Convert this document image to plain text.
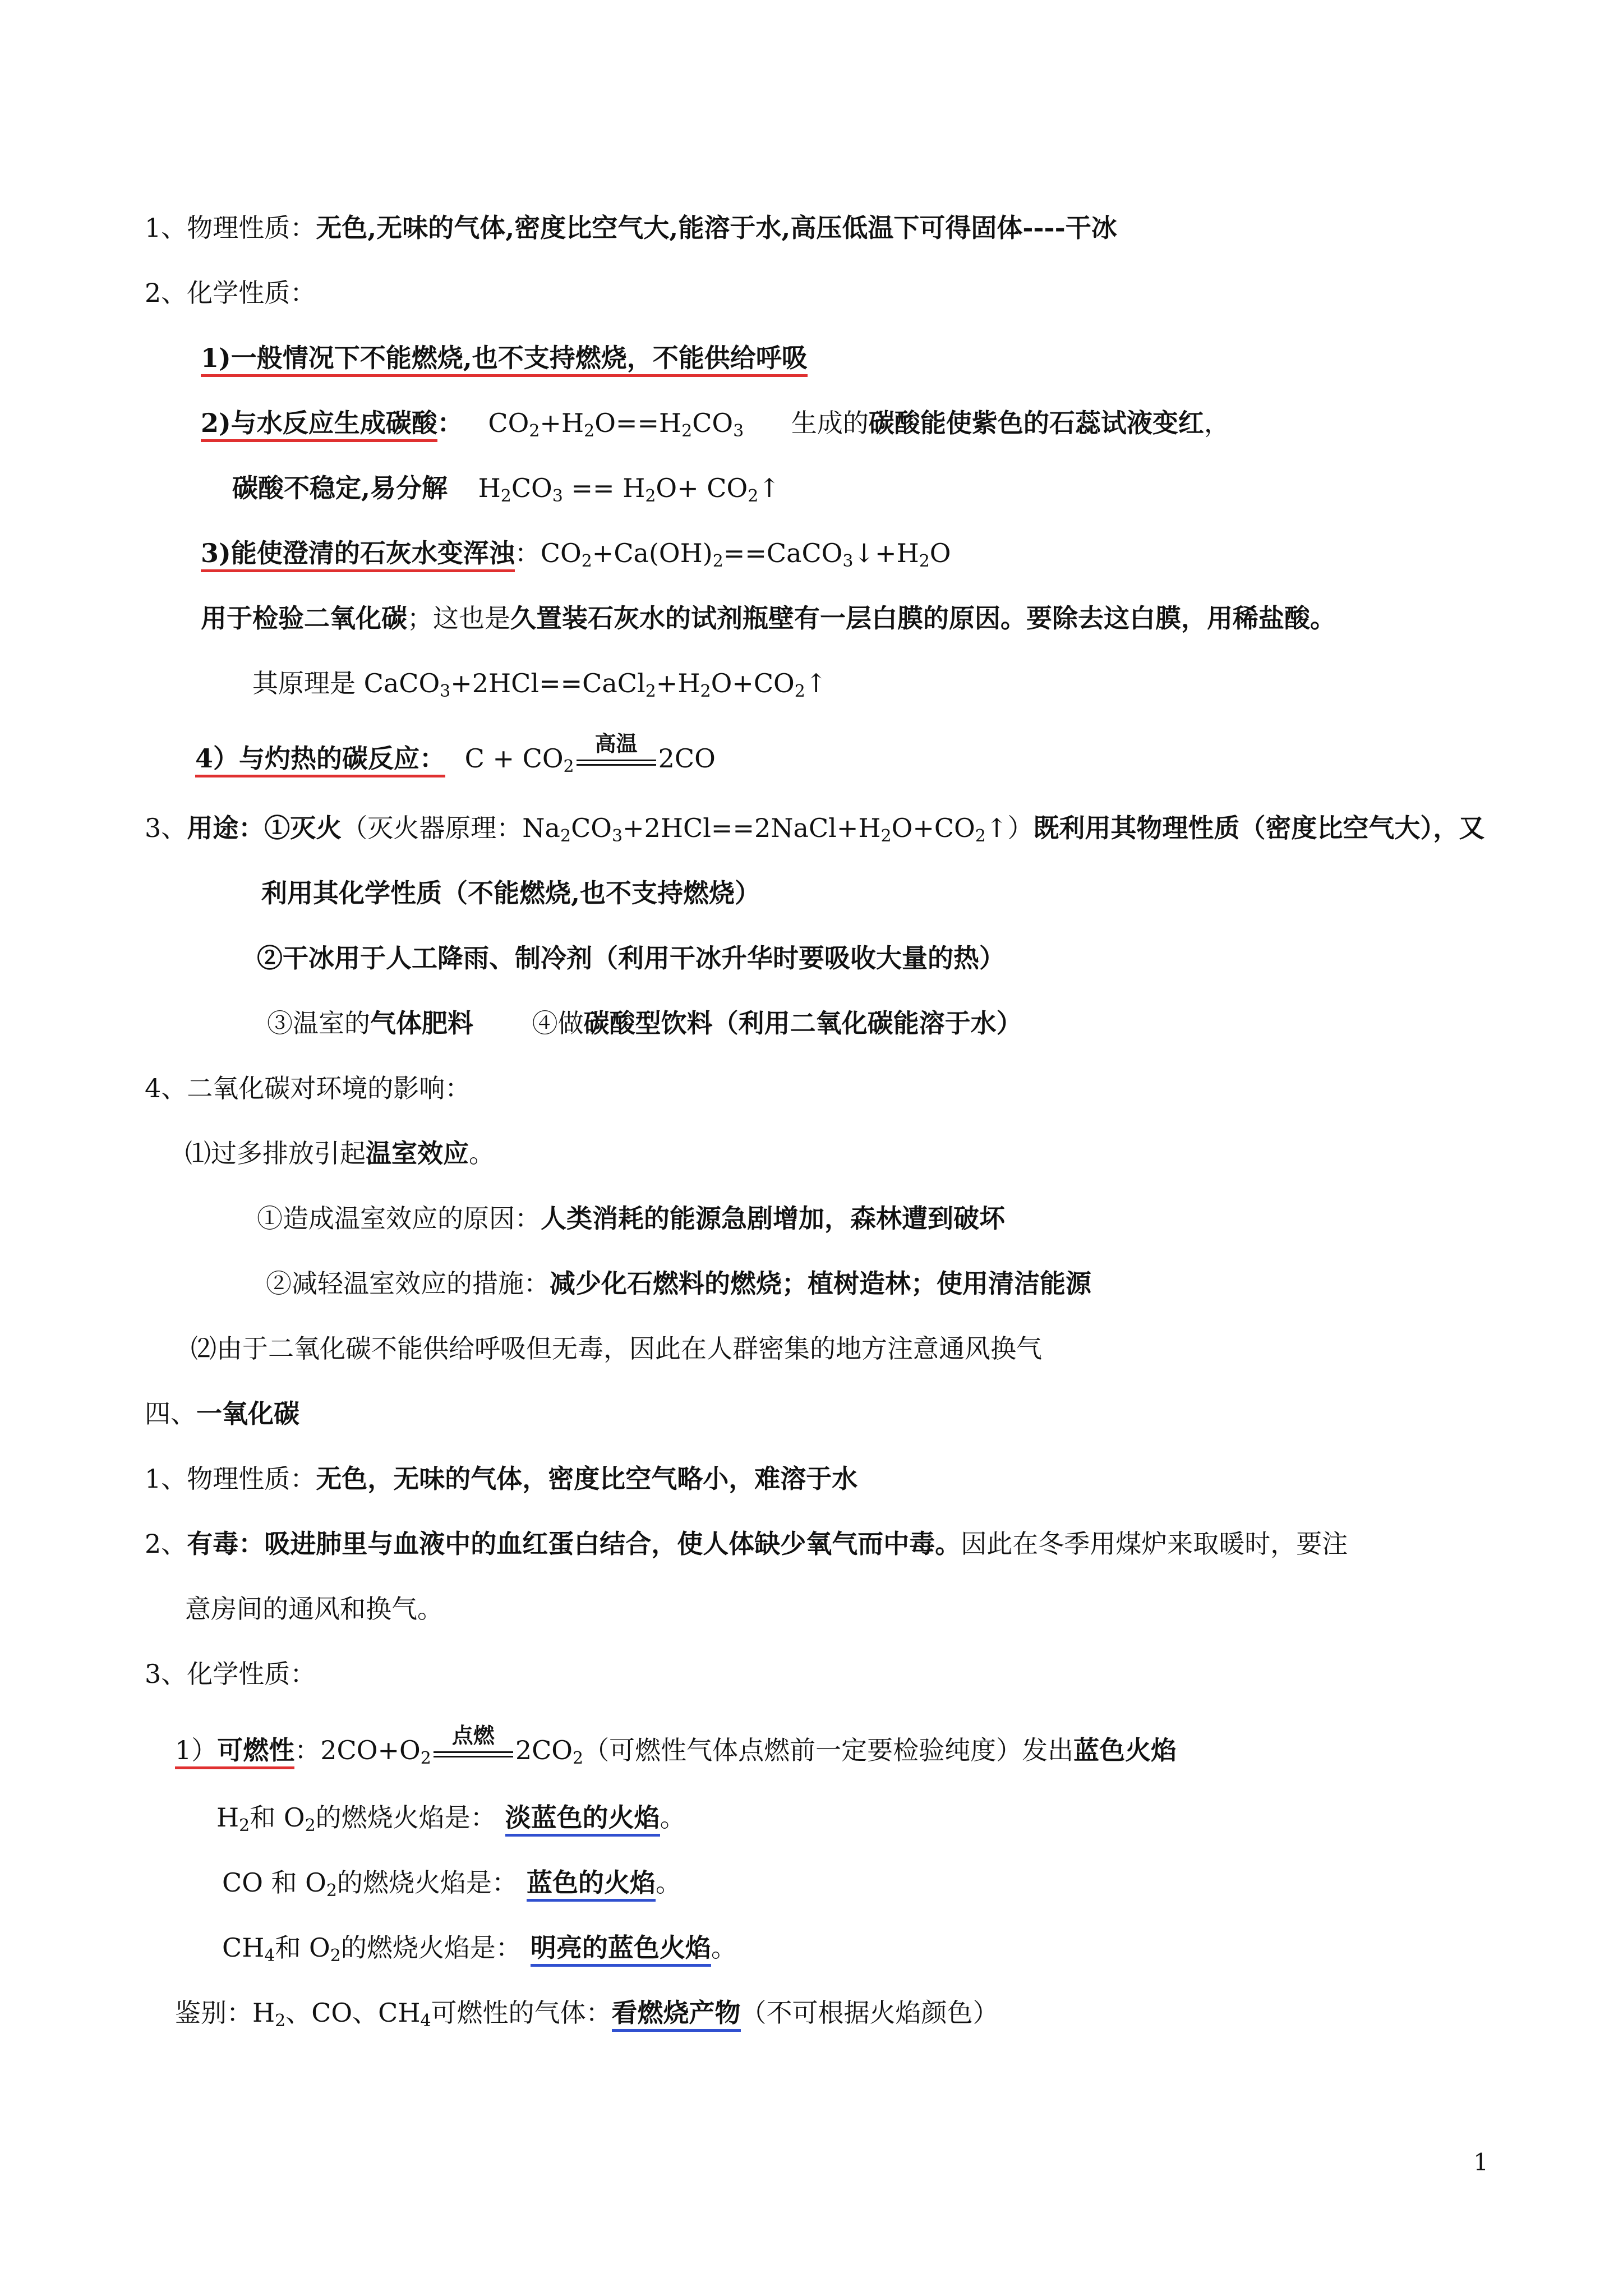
1、物理性质：无色,无味的气体,密度比空气大,能溶于水,高压低温下可得固体----干冰
2、化学性质：
1)一般情况下不能燃烧,也不支持燃烧，不能供给呼吸
2)与水反应生成碳酸： $CO_2+H_2O==H_2CO_3$ 生成的碳酸能使紫色的石蕊试液变红，
碳酸不稳定,易分解 $H_2CO_3 == H_2O+$ $CO_2↑$
3)能使澄清的石灰水变浑浊：$CO_2+Ca(OH)_2==CaCO_3↓+H_2O$
用于检验二氧化碳；这也是久置装石灰水的试剂瓶壁有一层白膜的原因。要除去这白膜，用稀盐酸。
其原理是 $CaCO_3+2HCl==CaCl_2+H_2O+CO_2↑$
4）与灼热的碳反应： $C + CO_2$
高温 2CO
3、用途：①灭火（灭火器原理：$Na_2CO_3+2HCl==2NaCl+H_2O+CO_2↑$）既利用其物理性质（密度比空气大），又
利用其化学性质（不能燃烧,也不支持燃烧）
②干冰用于人工降雨、制冷剂（利用干冰升华时要吸收大量的热）
③温室的气体肥料 ④做碳酸型饮料（利用二氧化碳能溶于水）
4、二氧化碳对环境的影响：
⑴过多排放引起温室效应。
①造成温室效应的原因：人类消耗的能源急剧增加，森林遭到破坏
②减轻温室效应的措施：减少化石燃料的燃烧；植树造林；使用清洁能源
⑵由于二氧化碳不能供给呼吸但无毒，因此在人群密集的地方注意通风换气
四、一氧化碳
1、物理性质：无色，无味的气体，密度比空气略小，难溶于水
2、有毒：吸进肺里与血液中的血红蛋白结合，使人体缺少氧气而中毒。因此在冬季用煤炉来取暖时，要注
意房间的通风和换气。
3、化学性质：
1）可燃性：$2CO+O_2$
点燃 $2CO_2$（可燃性气体点燃前一定要检验纯度）发出蓝色火焰
$H_2$和 $O_2$的燃烧火焰是： 淡蓝色的火焰。
CO 和 $O_2$的燃烧火焰是： 蓝色的火焰。
$CH_4$和 $O_2$的燃烧火焰是： 明亮的蓝色火焰。
鉴别：$H_2$、CO、$CH_4$可燃性的气体：看燃烧产物（不可根据火焰颜色）
1
